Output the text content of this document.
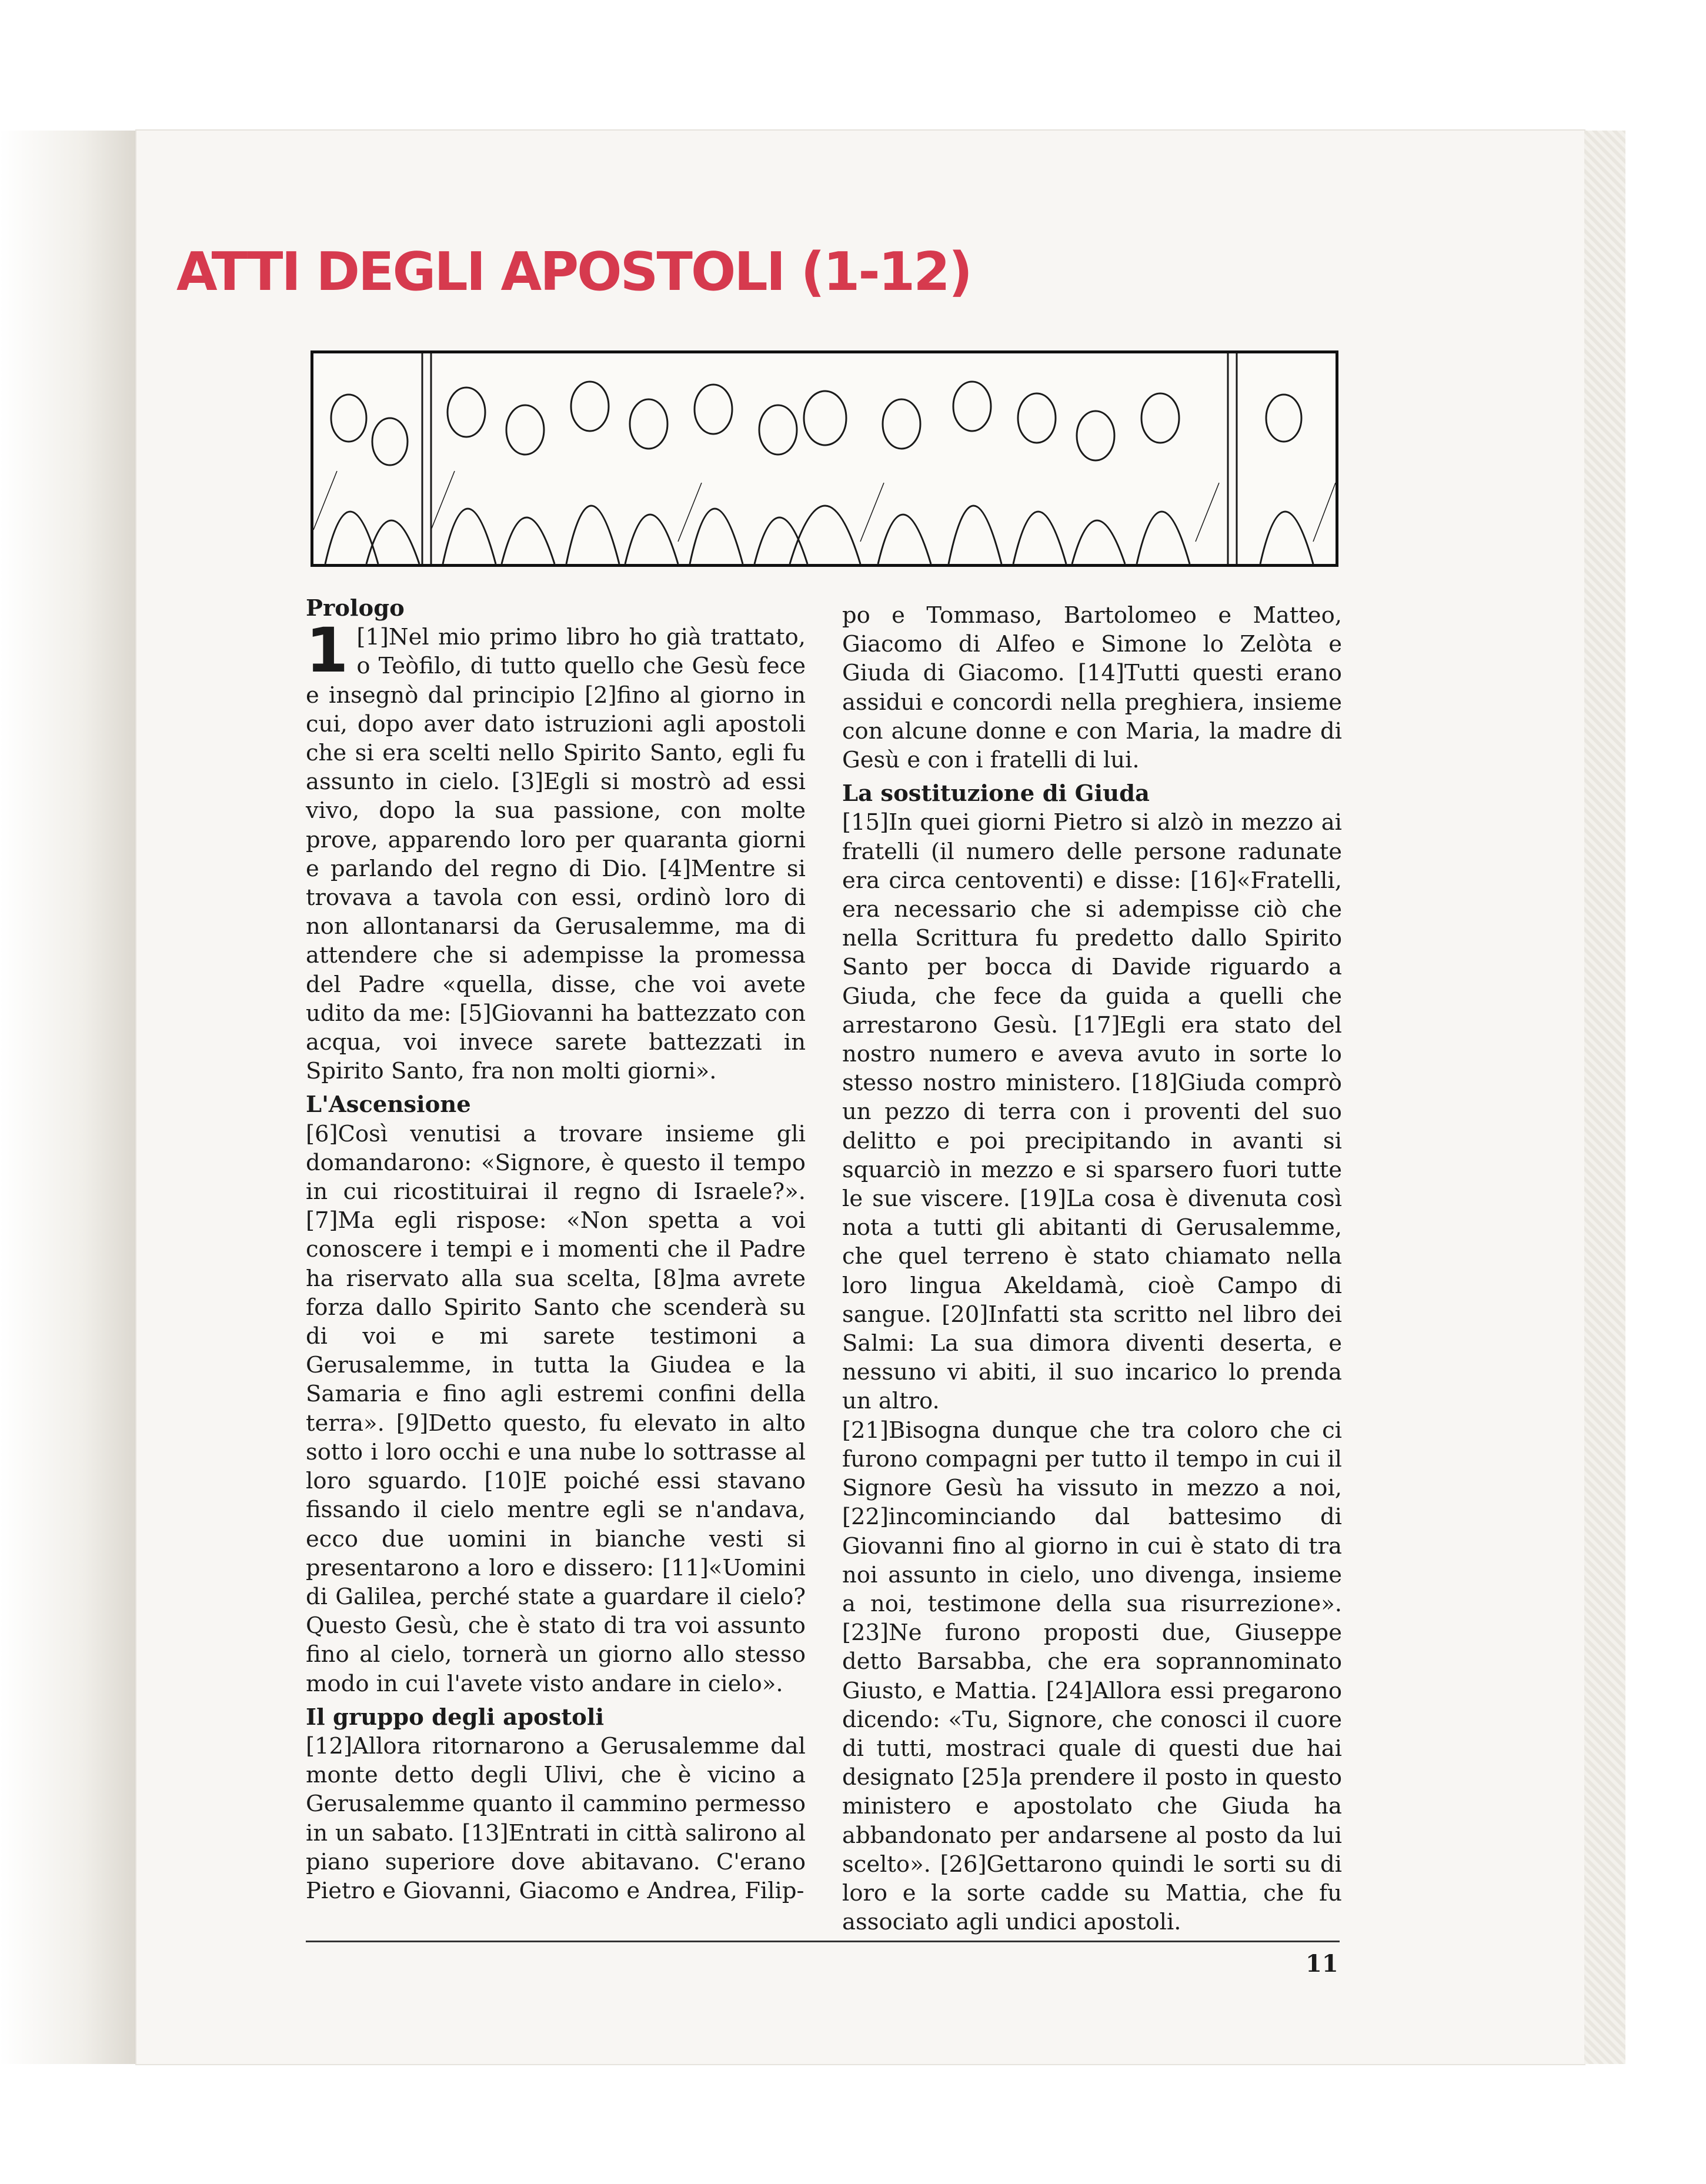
ATTI DEGLI APOSTOLI (1-12)
Prologo

1 [1]Nel mio primo libro ho già trattato, o Teòfilo, di tutto quello che Gesù fece e insegnò dal principio [2]fino al giorno in cui, dopo aver dato istruzioni agli apostoli che si era scelti nello Spirito Santo, egli fu assunto in cielo. [3]Egli si mostrò ad essi vivo, dopo la sua passione, con molte prove, apparendo loro per quaranta giorni e parlando del regno di Dio. [4]Mentre si trovava a tavola con essi, ordinò loro di non allontanarsi da Gerusalemme, ma di attendere che si adempisse la promessa del Padre «quella, disse, che voi avete udito da me: [5]Giovanni ha battezzato con acqua, voi invece sarete battezzati in Spirito Santo, fra non molti giorni».

L'Ascensione

[6]Così venutisi a trovare insieme gli domandarono: «Signore, è questo il tempo in cui ricostituirai il regno di Israele?». [7]Ma egli rispose: «Non spetta a voi conoscere i tempi e i momenti che il Padre ha riservato alla sua scelta, [8]ma avrete forza dallo Spirito Santo che scenderà su di voi e mi sarete testimoni a Gerusalemme, in tutta la Giudea e la Samaria e fino agli estremi confini della terra». [9]Detto questo, fu elevato in alto sotto i loro occhi e una nube lo sottrasse al loro sguardo. [10]E poiché essi stavano fissando il cielo mentre egli se n'andava, ecco due uomini in bianche vesti si presentarono a loro e dissero: [11]«Uomini di Galilea, perché state a guardare il cielo? Questo Gesù, che è stato di tra voi assunto fino al cielo, tornerà un giorno allo stesso modo in cui l'avete visto andare in cielo».

Il gruppo degli apostoli

[12]Allora ritornarono a Gerusalemme dal monte detto degli Ulivi, che è vicino a Gerusalemme quanto il cammino permesso in un sabato. [13]Entrati in città salirono al piano superiore dove abitavano. C'erano Pietro e Giovanni, Giacomo e Andrea, Filip-

po e Tommaso, Bartolomeo e Matteo, Giacomo di Alfeo e Simone lo Zelòta e Giuda di Giacomo. [14]Tutti questi erano assidui e concordi nella preghiera, insieme con alcune donne e con Maria, la madre di Gesù e con i fratelli di lui.

La sostituzione di Giuda

[15]In quei giorni Pietro si alzò in mezzo ai fratelli (il numero delle persone radunate era circa centoventi) e disse: [16]«Fratelli, era necessario che si adempisse ciò che nella Scrittura fu predetto dallo Spirito Santo per bocca di Davide riguardo a Giuda, che fece da guida a quelli che arrestarono Gesù. [17]Egli era stato del nostro numero e aveva avuto in sorte lo stesso nostro ministero. [18]Giuda comprò un pezzo di terra con i proventi del suo delitto e poi precipitando in avanti si squarciò in mezzo e si sparsero fuori tutte le sue viscere. [19]La cosa è divenuta così nota a tutti gli abitanti di Gerusalemme, che quel terreno è stato chiamato nella loro lingua Akeldamà, cioè Campo di sangue. [20]Infatti sta scritto nel libro dei Salmi: La sua dimora diventi deserta, e nessuno vi abiti, il suo incarico lo prenda un altro.

[21]Bisogna dunque che tra coloro che ci furono compagni per tutto il tempo in cui il Signore Gesù ha vissuto in mezzo a noi, [22]incominciando dal battesimo di Giovanni fino al giorno in cui è stato di tra noi assunto in cielo, uno divenga, insieme a noi, testimone della sua risurrezione». [23]Ne furono proposti due, Giuseppe detto Barsabba, che era soprannominato Giusto, e Mattia. [24]Allora essi pregarono dicendo: «Tu, Signore, che conosci il cuore di tutti, mostraci quale di questi due hai designato [25]a prendere il posto in questo ministero e apostolato che Giuda ha abbandonato per andarsene al posto da lui scelto». [26]Gettarono quindi le sorti su di loro e la sorte cadde su Mattia, che fu associato agli undici apostoli.

11
